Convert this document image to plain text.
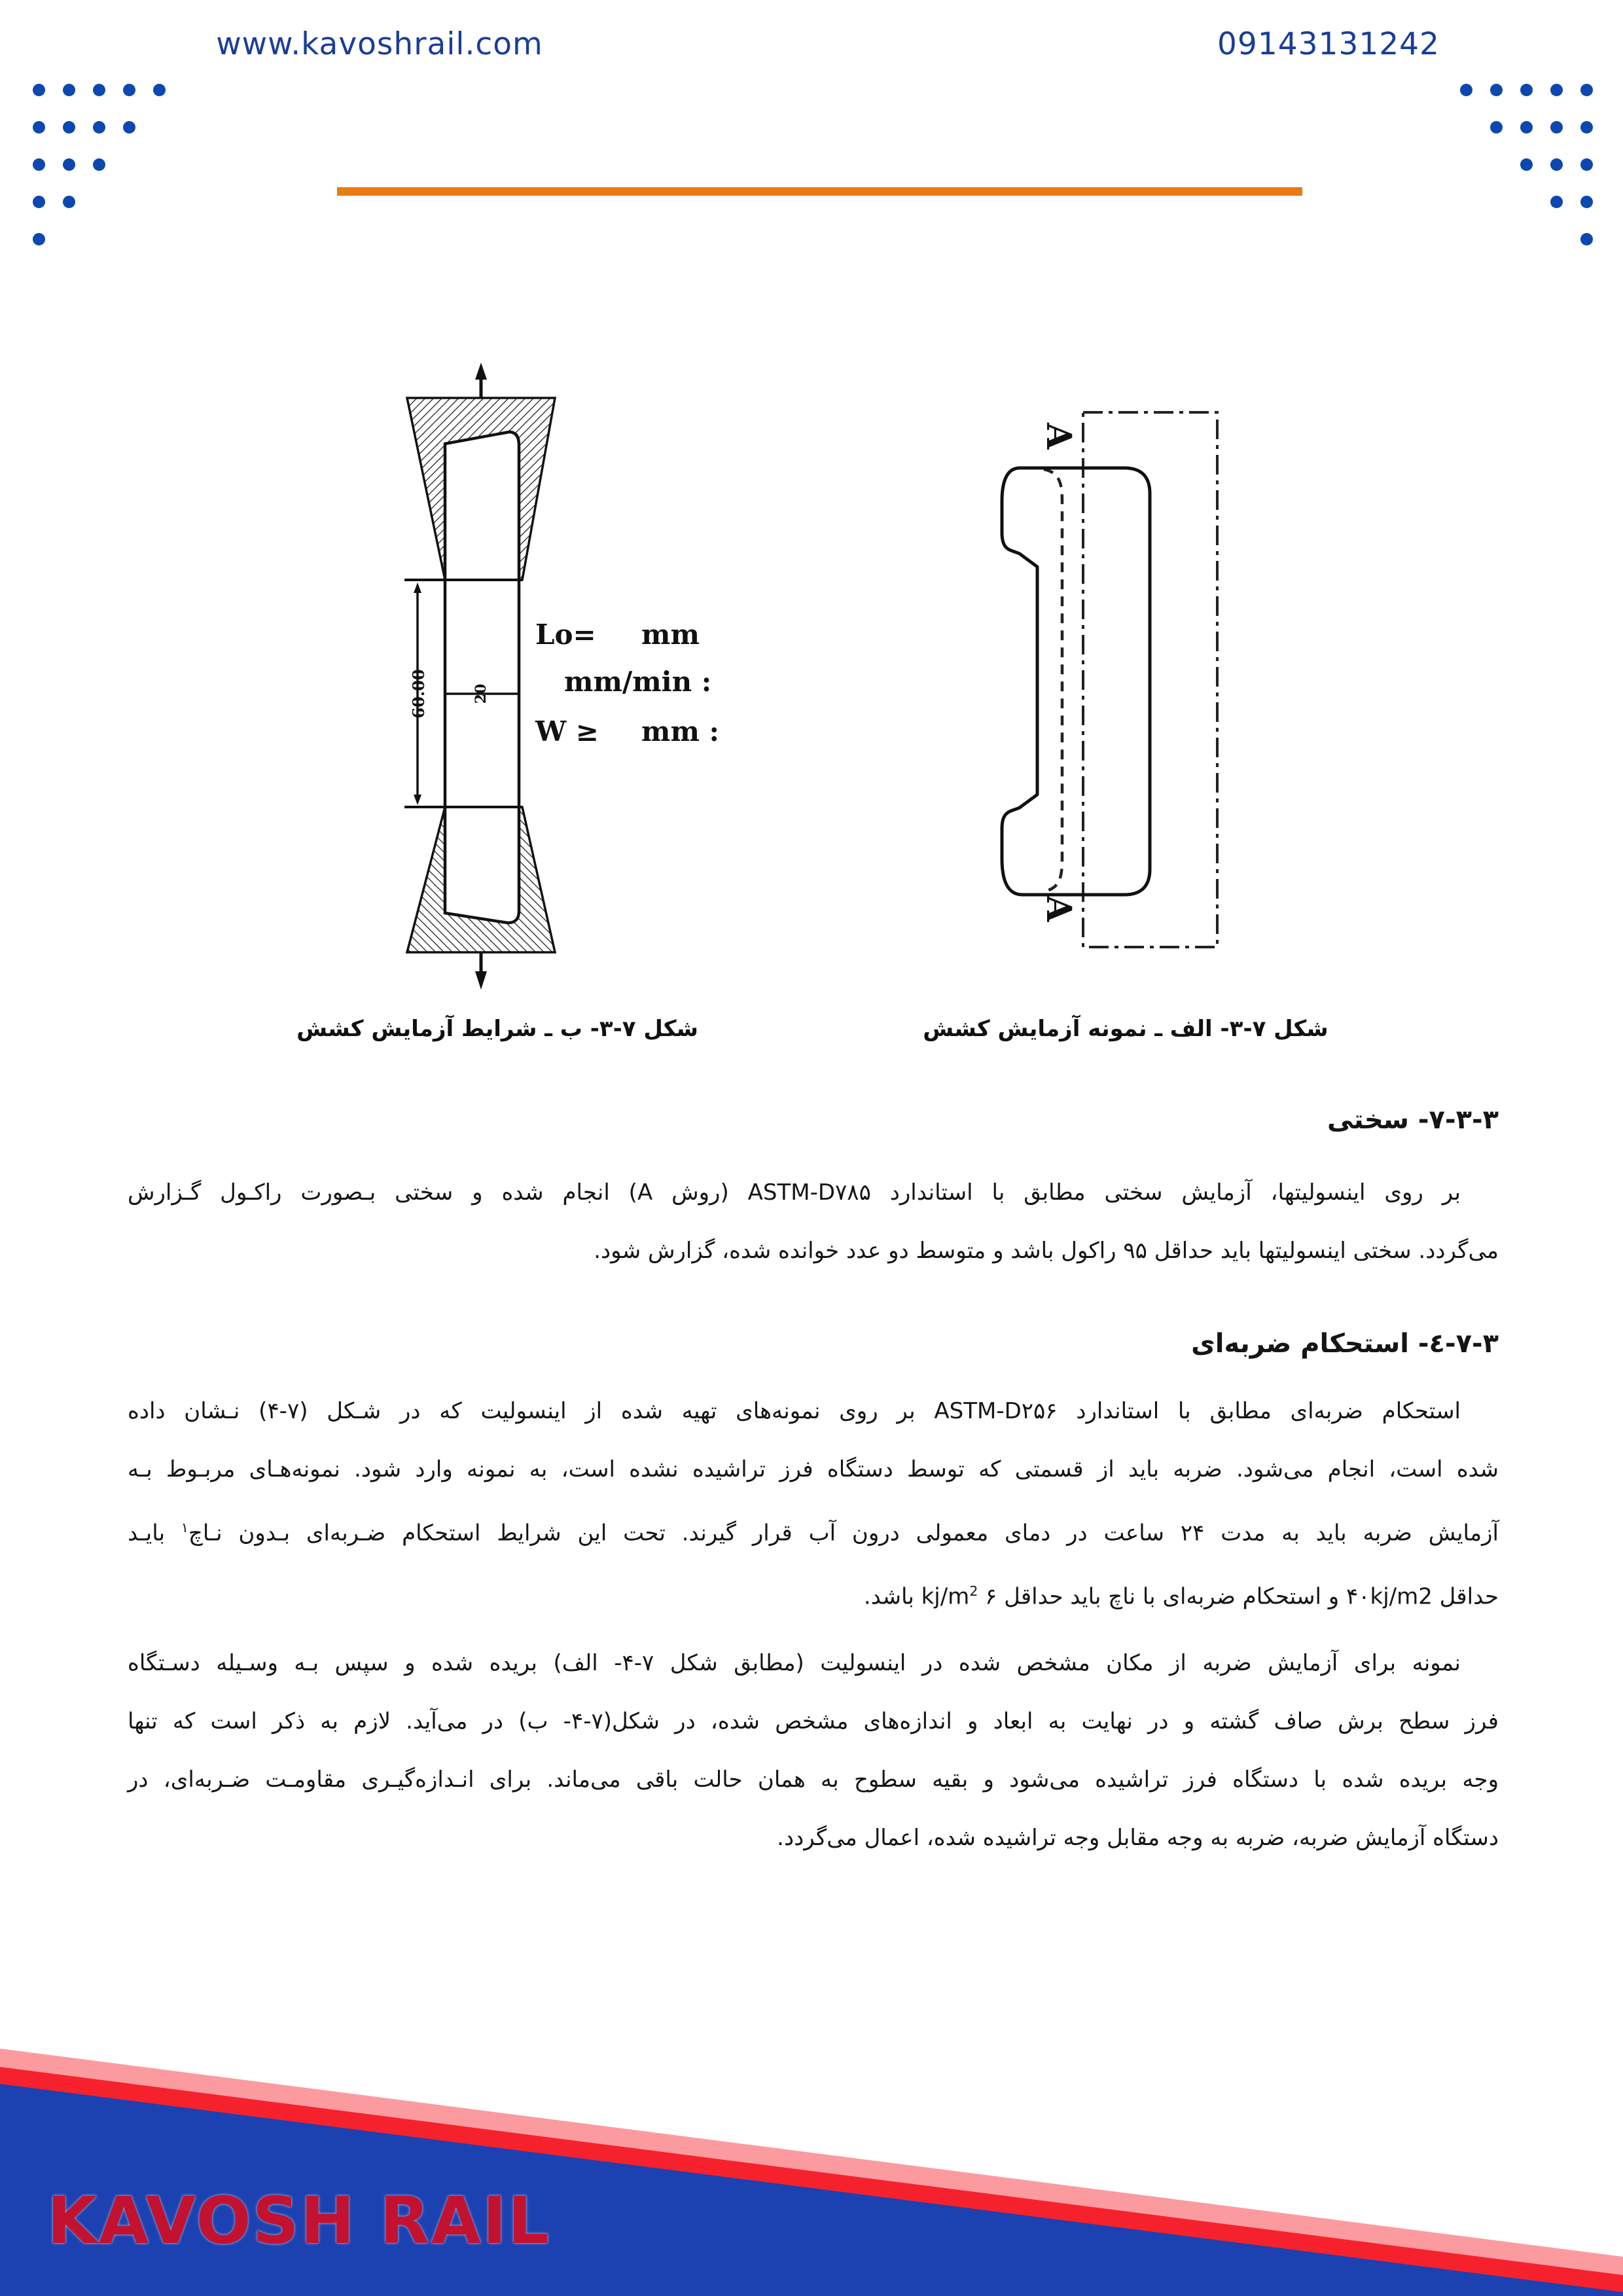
www.kavoshrail.com	09143131242
60.00	20
Lo= mm
mm/min :
W ≥ mm :
A
A
شکل ۷-۳- ب ـ شرایط آزمایش کشش	شکل ۷-۳- الف ـ نمونه آزمایش کشش
۷-۳-۳- سختی
بر روی اینسولیتها، آزمایش سختی مطابق با استاندارد ⁦ASTM-D۷۸۵⁩ (روش A) انجام شده و سختی بـصورت راکـول گـزارش
می‌گردد. سختی اینسولیتها باید حداقل ۹۵ راکول باشد و متوسط دو عدد خوانده شده، گزارش شود.
۷-۳-٤- استحکام ضربه‌ای
استحکام ضربه‌ای مطابق با استاندارد ⁦ASTM-D۲۵۶⁩ بر روی نمونه‌های تهیه شده از اینسولیت که در شـکل (۷-۴) نـشان داده
شده است، انجام می‌شود. ضربه باید از قسمتی که توسط دستگاه فرز تراشیده نشده است، به نمونه وارد شود. نمونه‌هـای مربـوط بـه
آزمایش ضربه باید به مدت ۲۴ ساعت در دمای معمولی درون آب قرار گیرند. تحت این شرایط استحکام ضـربه‌ای بـدون نـاچ$^۱$ بایـد
حداقل ۴۰kj/m2 و استحکام ضربه‌ای با ناچ باید حداقل $kj/m^2$ ۶ باشد.
نمونه برای آزمایش ضربه از مکان مشخص شده در اینسولیت (مطابق شکل ۷-۴- الف) بریده شده و سپس بـه وسـیله دسـتگاه
فرز سطح برش صاف گشته و در نهایت به ابعاد و اندازه‌های مشخص شده، در شکل(۷-۴- ب) در می‌آید. لازم به ذکر است که تنها
وجه بریده شده با دستگاه فرز تراشیده می‌شود و بقیه سطوح به همان حالت باقی می‌ماند. برای انـدازه‌گیـری مقاومـت ضـربه‌ای، در
دستگاه آزمایش ضربه، ضربه به وجه مقابل وجه تراشیده شده، اعمال می‌گردد.
KAVOSH RAIL
